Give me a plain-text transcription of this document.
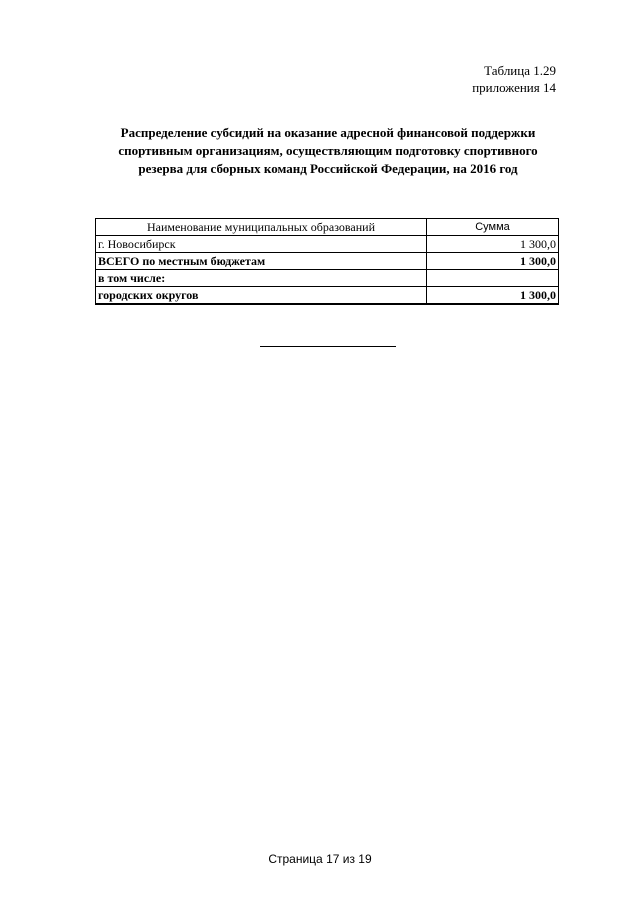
Таблица 1.29
приложения 14
Распределение субсидий на оказание адресной финансовой поддержки
спортивным организациям, осуществляющим подготовку спортивного
резерва для сборных команд Российской Федерации, на 2016 год
Наименование муниципальных образований	Сумма
г. Новосибирск	1 300,0
ВСЕГО по местным бюджетам	1 300,0
в том числе:	
городских округов	1 300,0
Страница 17 из 19
